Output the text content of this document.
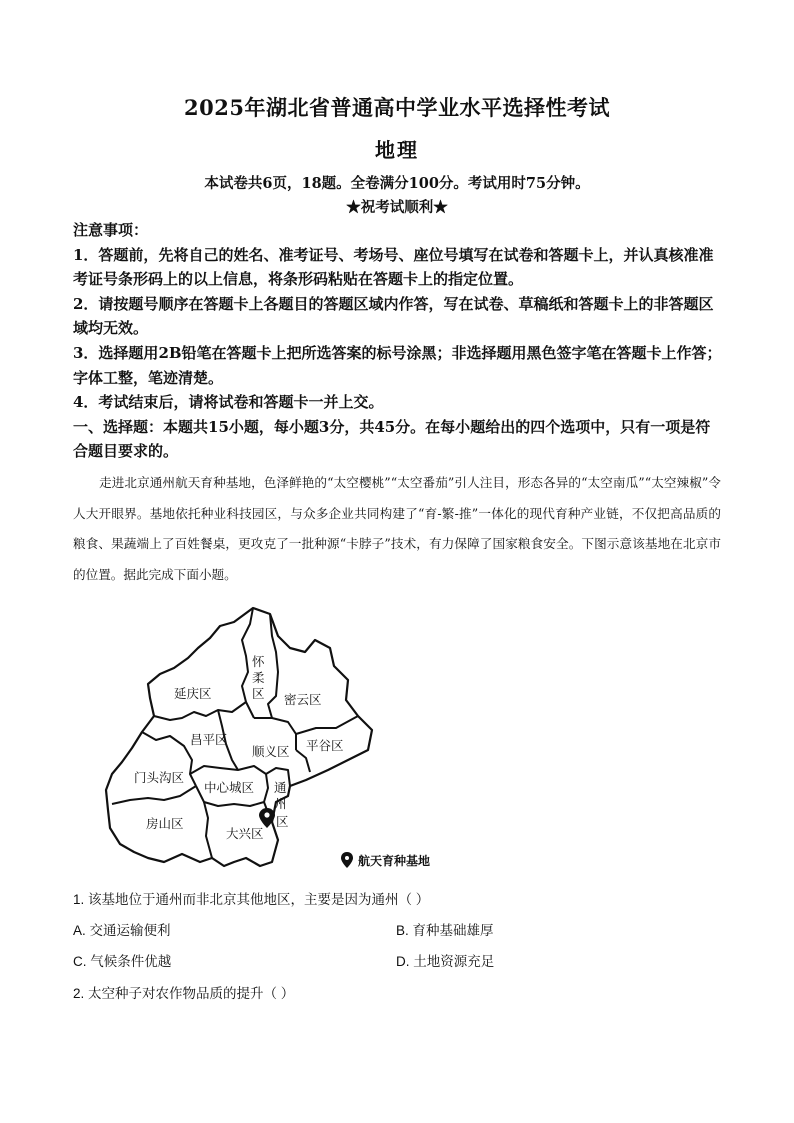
2025年湖北省普通高中学业水平选择性考试
地理
本试卷共6页，18题。全卷满分100分。考试用时75分钟。
★祝考试顺利★

注意事项：

1．答题前，先将自己的姓名、准考证号、考场号、座位号填写在试卷和答题卡上，并认真核准准考证号条形码上的以上信息，将条形码粘贴在答题卡上的指定位置。

2．请按题号顺序在答题卡上各题目的答题区域内作答，写在试卷、草稿纸和答题卡上的非答题区域均无效。

3．选择题用2B铅笔在答题卡上把所选答案的标号涂黑；非选择题用黑色签字笔在答题卡上作答；字体工整，笔迹清楚。

4．考试结束后，请将试卷和答题卡一并上交。

一、选择题：本题共15小题，每小题3分，共45分。在每小题给出的四个选项中，只有一项是符合题目要求的。

走进北京通州航天育种基地，色泽鲜艳的“太空樱桃”“太空番茄”引人注目，形态各异的“太空南瓜”“太空辣椒”令人大开眼界。基地依托种业科技园区，与众多企业共同构建了“育-繁-推”一体化的现代育种产业链，不仅把高品质的粮食、果蔬端上了百姓餐桌，更攻克了一批种源“卡脖子”技术，有力保障了国家粮食安全。下图示意该基地在北京市的位置。据此完成下面小题。
怀
柔
区
延庆区	密云区
昌平区
顺义区 平谷区
门头沟区
中心城区 通
州
区
房山区
大兴区
航天育种基地
1. 该基地位于通州而非北京其他地区，主要是因为通州（ ）
A. 交通运输便利	B. 育种基础雄厚
C. 气候条件优越	D. 土地资源充足
2. 太空种子对农作物品质的提升（ ）
